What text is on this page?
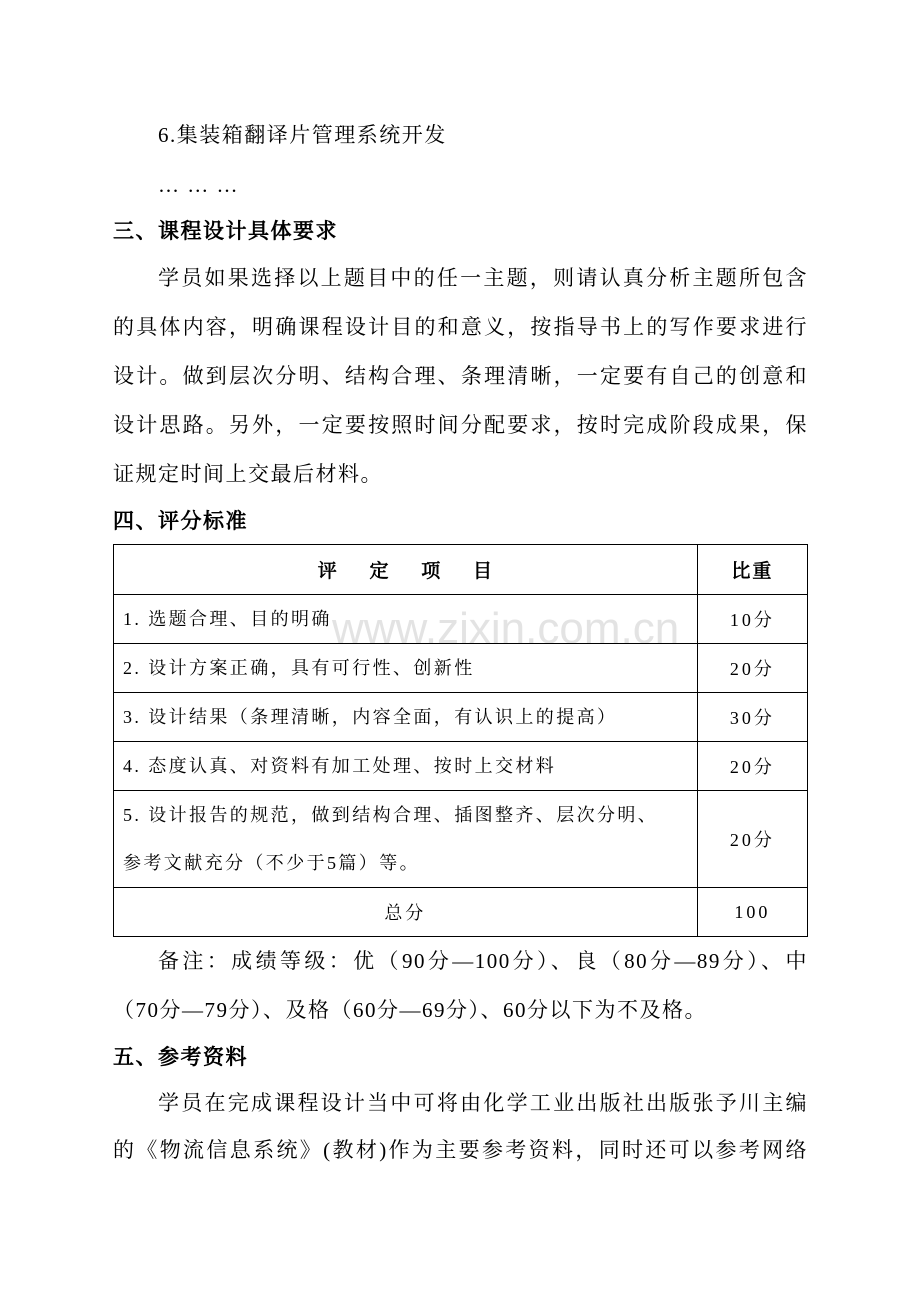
www.zixin.com.cn
6.集装箱翻译片管理系统开发
… … …
三、课程设计具体要求
学员如果选择以上题目中的任一主题，则请认真分析主题所包含
的具体内容，明确课程设计目的和意义，按指导书上的写作要求进行
设计。做到层次分明、结构合理、条理清晰，一定要有自己的创意和
设计思路。另外，一定要按照时间分配要求，按时完成阶段成果，保
证规定时间上交最后材料。
四、评分标准
评 定 项 目	比重

1. 选题合理、目的明确	10分

2. 设计方案正确，具有可行性、创新性	20分

3. 设计结果（条理清晰，内容全面，有认识上的提高）	30分

4. 态度认真、对资料有加工处理、按时上交材料	20分

5. 设计报告的规范，做到结构合理、插图整齐、层次分明、
参考文献充分（不少于5篇）等。	20分
总分	100
备注：成绩等级：优（90分—100分）、良（80分—89分）、中
（70分—79分）、及格（60分—69分）、60分以下为不及格。
五、参考资料
学员在完成课程设计当中可将由化学工业出版社出版张予川主编
的《物流信息系统》(教材)作为主要参考资料，同时还可以参考网络
